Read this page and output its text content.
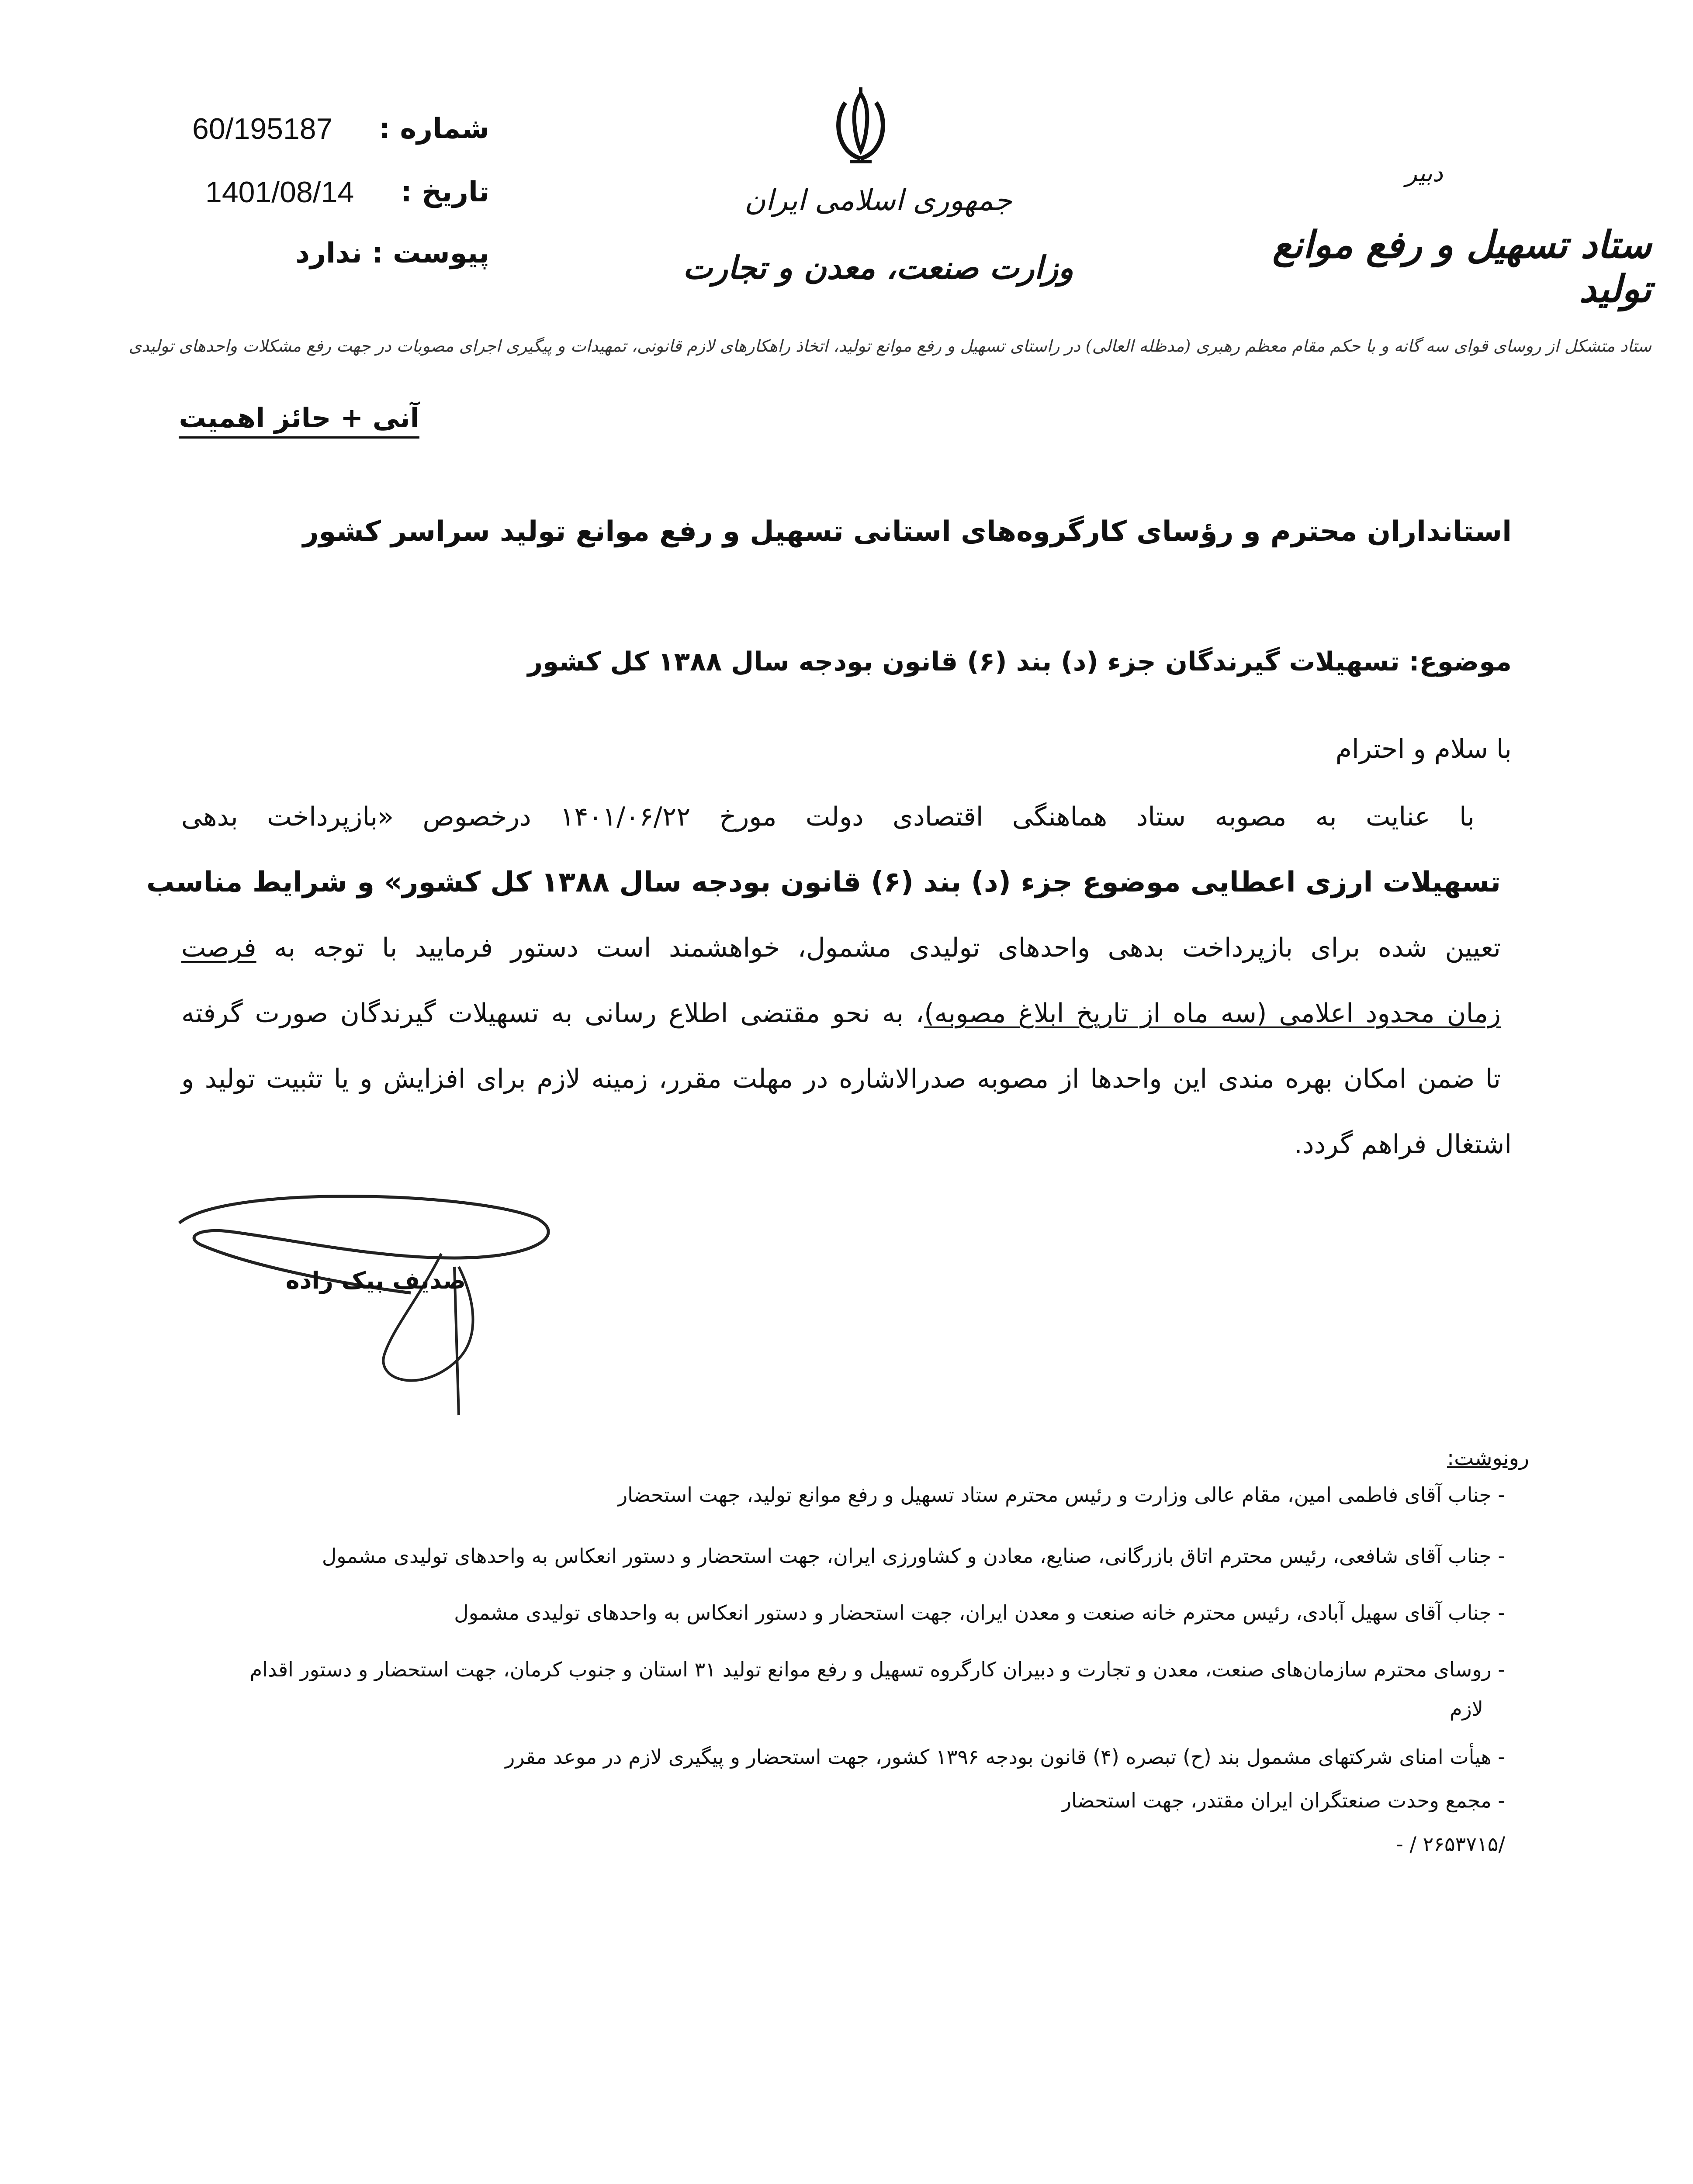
جمهوری اسلامی ایران
وزارت صنعت، معدن و تجارت
دبیر
ستاد تسهیل و رفع موانع تولید
شماره :
60/195187
تاریخ :
1401/08/14
پیوست : ندارد
ستاد متشکل از روسای قوای سه گانه و با حکم مقام معظم رهبری (مدظله العالی) در راستای تسهیل و رفع موانع تولید، اتخاذ راهکارهای لازم قانونی، تمهیدات و پیگیری اجرای مصوبات در جهت رفع مشکلات واحدهای تولیدی
آنی + حائز اهمیت
استانداران محترم و رؤسای کارگروه‌های استانی تسهیل و رفع موانع تولید سراسر کشور
موضوع: تسهیلات گیرندگان جزء (د) بند (۶) قانون بودجه سال ۱۳۸۸ کل کشور
با سلام و احترام
با عنایت به مصوبه ستاد هماهنگی اقتصادی دولت مورخ ۱۴۰۱/۰۶/۲۲ درخصوص «بازپرداخت بدهی
تسهیلات ارزی اعطایی موضوع جزء (د) بند (۶) قانون بودجه سال ۱۳۸۸ کل کشور» و شرایط مناسب
تعیین شده برای بازپرداخت بدهی واحدهای تولیدی مشمول، خواهشمند است دستور فرمایید با توجه به فرصت
زمان محدود اعلامی (سه ماه از تاریخ ابلاغ مصوبه)، به نحو مقتضی اطلاع رسانی به تسهیلات گیرندگان صورت گرفته
تا ضمن امکان بهره مندی این واحدها از مصوبه صدرالاشاره در مهلت مقرر، زمینه لازم برای افزایش و یا تثبیت تولید و
اشتغال فراهم گردد.
صدیف بیک زاده
رونوشت:
- جناب آقای فاطمی امین، مقام عالی وزارت و رئیس محترم ستاد تسهیل و رفع موانع تولید، جهت استحضار
- جناب آقای شافعی، رئیس محترم اتاق بازرگانی، صنایع، معادن و کشاورزی ایران، جهت استحضار و دستور انعکاس به واحدهای تولیدی مشمول
- جناب آقای سهیل آبادی، رئیس محترم خانه صنعت و معدن ایران، جهت استحضار و دستور انعکاس به واحدهای تولیدی مشمول
- روسای محترم سازمان‌های صنعت، معدن و تجارت و دبیران کارگروه تسهیل و رفع موانع تولید ۳۱ استان و جنوب کرمان، جهت استحضار و دستور اقدام
لازم
- هیأت امنای شرکتهای مشمول بند (ح) تبصره (۴) قانون بودجه ۱۳۹۶ کشور، جهت استحضار و پیگیری لازم در موعد مقرر
- مجمع وحدت صنعتگران ایران مقتدر، جهت استحضار
- / ۲۶۵۳۷۱۵/
